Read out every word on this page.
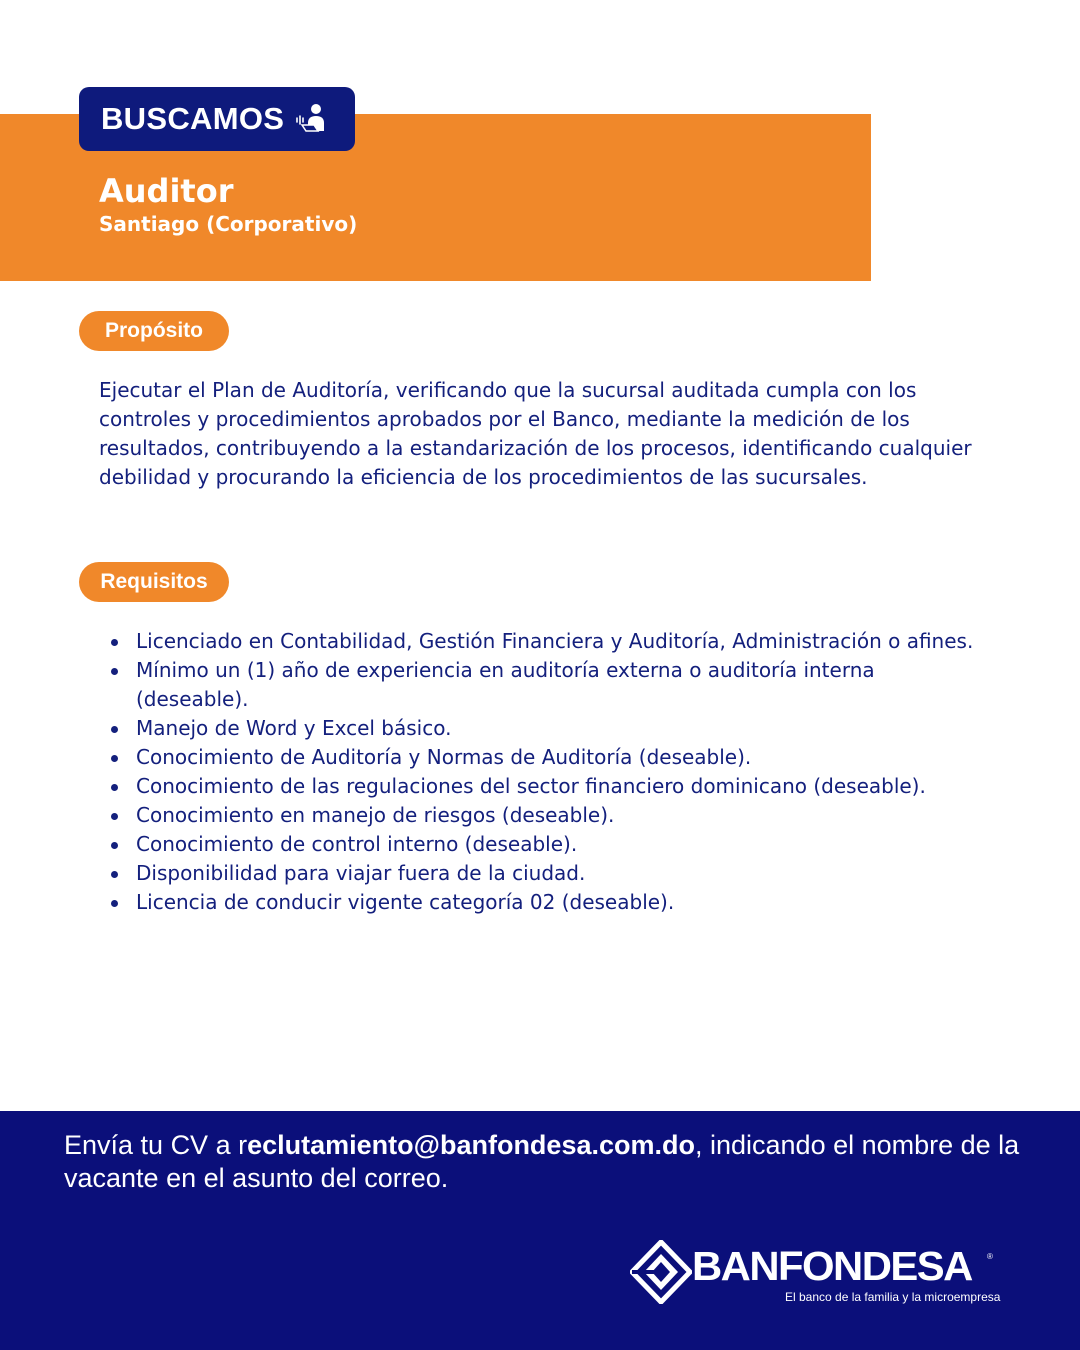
BUSCAMOS
Auditor
Santiago (Corporativo)
Propósito
Ejecutar el Plan de Auditoría, verificando que la sucursal auditada cumpla con los controles y procedimientos aprobados por el Banco, mediante la medición de los resultados, contribuyendo a la estandarización de los procesos, identificando cualquier debilidad y procurando la eficiencia de los procedimientos de las sucursales.
Requisitos
Licenciado en Contabilidad, Gestión Financiera y Auditoría, Administración o afines.
Mínimo un (1) año de experiencia en auditoría externa o auditoría interna (deseable).
Manejo de Word y Excel básico.
Conocimiento de Auditoría y Normas de Auditoría (deseable).
Conocimiento de las regulaciones del sector financiero dominicano (deseable).
Conocimiento en manejo de riesgos (deseable).
Conocimiento de control interno (deseable).
Disponibilidad para viajar fuera de la ciudad.
Licencia de conducir vigente categoría 02 (deseable).
Envía tu CV a reclutamiento@banfondesa.com.do, indicando el nombre de la vacante en el asunto del correo.
BANFONDESA ®
El banco de la familia y la microempresa
